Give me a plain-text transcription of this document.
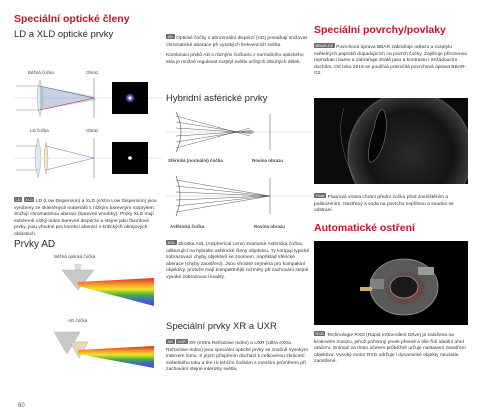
Speciální optické členy

LD a XLD optické prvky

Běžná čočka	Obraz
LD čočka	Obraz

LD XLD LD (Low Dispersion) a XLD (eXtra Low Dispersion) jsou vyrobeny ze skleněných materiálů s nízkým barevným rozptylem. Snižují chromatickou aberaci (barevné vroubky). Prvky XLD mají extrémně nízký index barevné disperze a stejné jako fluoritové prvky, jsou vhodné pro korekci aberací v kritických okrajových oblastech.

Prvky AD

Běžná optická čočka
AD čočka
60

AD Optické čočky s abnormální disperzí (AD) pomáhají snižovat chromatické aberace při vysokých frekvencích světla.

Kombinaci prvků AD s různými čočkami z normálního optického skla je možné regulovat rozptyl světla určitých dlouhých délek.

Hybridní asférické prvky

Sférická (normální) čočka	Rovina obrazu
Asférická čočka	Rovina obrazu

ASL Zkratka ASL (ASpherical Lens) znamená Asférická čočka, odkazující na hybridní asférické členy objektivu. Ty koriguji typické zobrazovací chyby objektivů se zoomem, například sférické aberace (chyby zaostření). Jsou vhodné zejména pro kompaktní objektivy, protože mají kompaktnější rozměry při zachování stejně vysoké zobrazovací kvality.

Speciální prvky XR a UXR

XR UXR XR (eXtra Refractive Index) a UXR (Ultra eXtra Refractive Index) jsou speciální optické prvky se značně vysokým indexem lomu. S jejich přispěním dochází k celkovému zkrácení světelného toku a tím i k lehčím čočkám s menším průměrem při zachování stejné intenzity světla.

Speciální povrchy/povlaky

BBAR-G2 Povrchová úprava BBAR zabraňuje odrazu a rozptylu světelných paprsků dopadajících na povrch čočky. Zajišťuje přirozenou reprodukci barev a zabraňuje ztrátě jasu a kontrastu i nežádoucím duchům. Od roku 2019 se používá pokročilá povrchová úprava BBAR-G2.

Fluor Fluorová vrstva chrání přední čočku před znečištěním a poškozením. Nastřený a voda na povrchu nepřilnou a snadno se odstraní.

Automatické ostření

RXD Technologie RXD (Rapid eXtra-silent Drive) je založena na krokovém motoru, jehož pohonný prvek přesně a tiše řídí ideální úhel otáčení. Snímač za tímto účelem průběžně určuje nastavení zaostření objektivu. Vysoký motor RXD udržuje i dynamické objekty neustále zaostřené.
